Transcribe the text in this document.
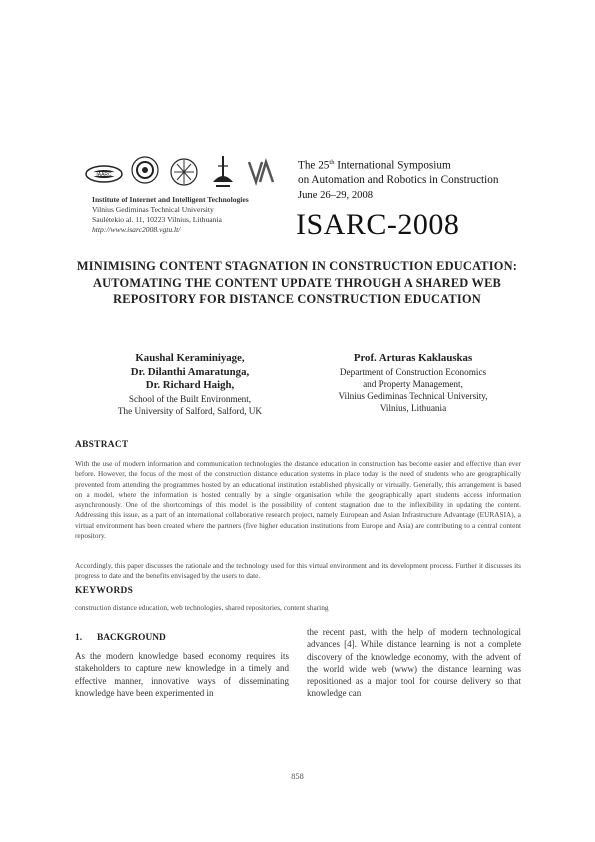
IAARC
Institute of Internet and Intelligent Technologies
Vilnius Gediminas Technical University
Saulėtekio al. 11, 10223 Vilnius, Lithuania
http://www.isarc2008.vgtu.lt/
The 25th International Symposium
on Automation and Robotics in Construction
June 26–29, 2008
ISARC-2008
MINIMISING CONTENT STAGNATION IN CONSTRUCTION EDUCATION: AUTOMATING THE CONTENT UPDATE THROUGH A SHARED WEB REPOSITORY FOR DISTANCE CONSTRUCTION EDUCATION
Kaushal Keraminiyage,
Dr. Dilanthi Amaratunga,
Dr. Richard Haigh,
School of the Built Environment,
The University of Salford, Salford, UK
Prof. Arturas Kaklauskas
Department of Construction Economics
and Property Management,
Vilnius Gediminas Technical University,
Vilnius, Lithuania
ABSTRACT
With the use of modern information and communication technologies the distance education in construction has become easier and effective than ever before. However, the focus of the most of the construction distance education systems in place today is the need of students who are geographically prevented from attending the programmes hosted by an educational institution established physically or virtually. Generally, this arrangement is based on a model, where the information is hosted centrally by a single organisation while the geographically apart students access information asynchronously. One of the shortcomings of this model is the possibility of content stagnation due to the inflexibility in updating the content. Addressing this issue, as a part of an international collaborative research project, namely European and Asian Infrastructure Advantage (EURASIA), a virtual environment has been created where the partners (five higher education institutions from Europe and Asia) are contributing to a central content repository.
Accordingly, this paper discusses the rationale and the technology used for this virtual environment and its development process. Further it discusses its progress to date and the benefits envisaged by the users to date.
KEYWORDS
construction distance education, web technologies, shared repositories, content sharing
1. BACKGROUND
As the modern knowledge based economy requires its stakeholders to capture new knowledge in a timely and effective manner, innovative ways of disseminating knowledge have been experimented in
the recent past, with the help of modern technological advances [4]. While distance learning is not a complete discovery of the knowledge economy, with the advent of the world wide web (www) the distance learning was repositioned as a major tool for course delivery so that knowledge can
858
